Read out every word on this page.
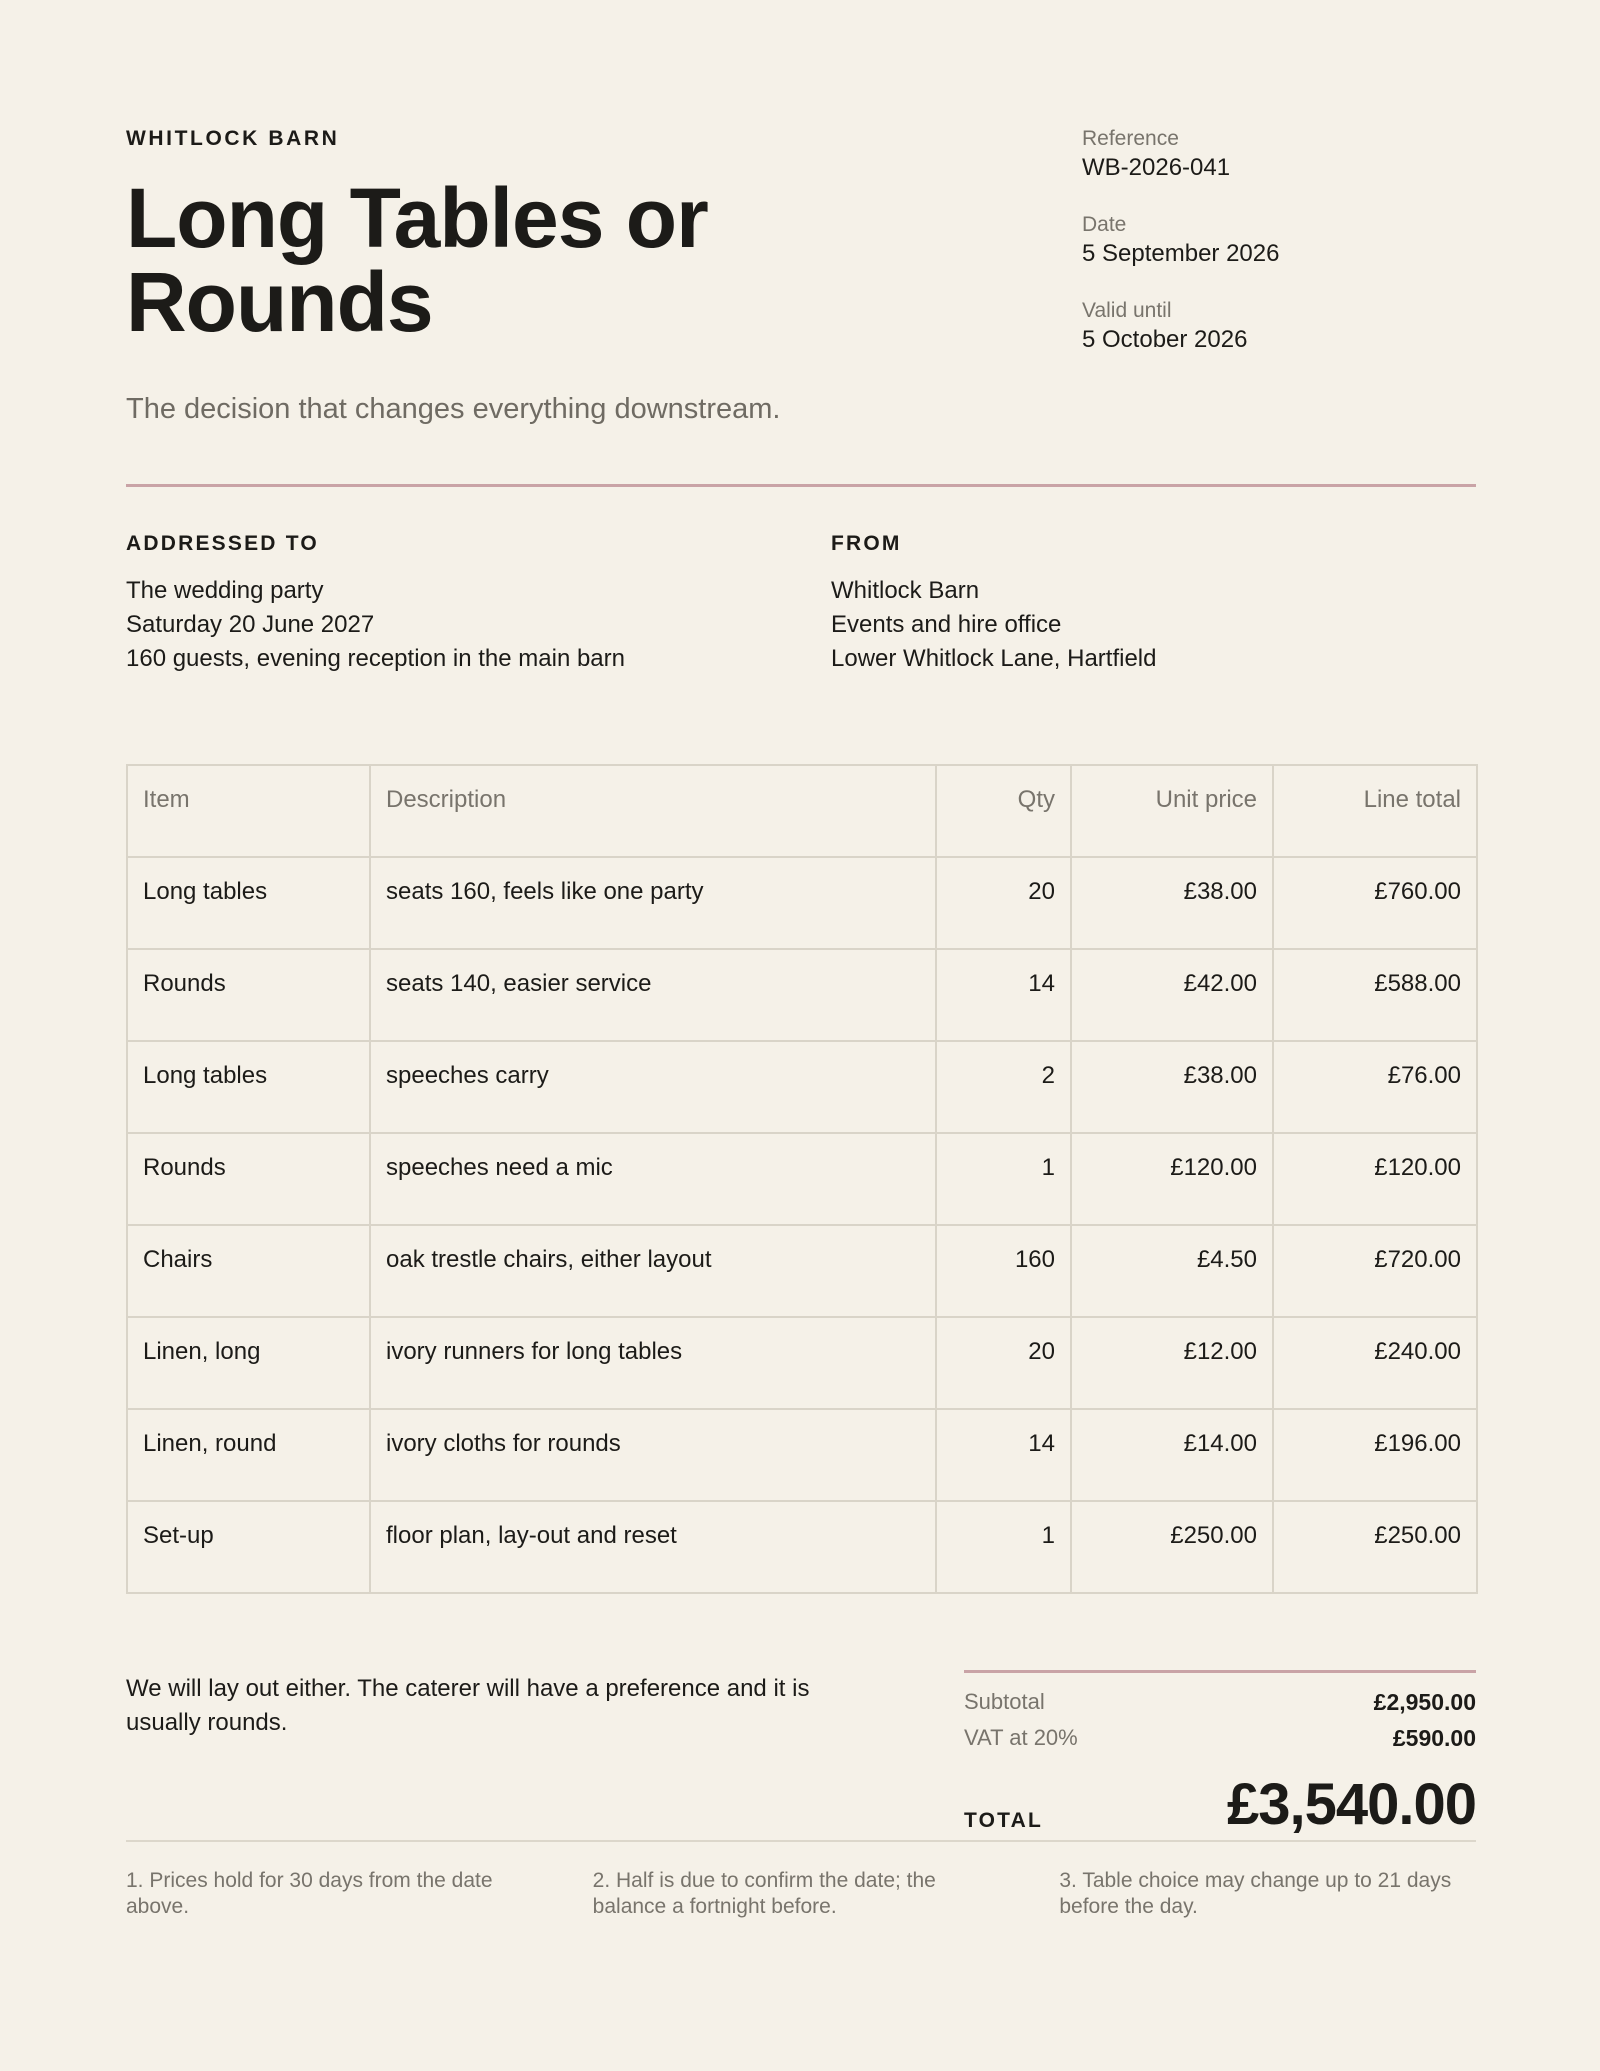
WHITLOCK BARN
Long Tables or Rounds
The decision that changes everything downstream.
Reference
WB-2026-041
Date
5 September 2026
Valid until
5 October 2026
ADDRESSED TO
The wedding party
Saturday 20 June 2027
160 guests, evening reception in the main barn
FROM
Whitlock Barn
Events and hire office
Lower Whitlock Lane, Hartfield
Item	Description	Qty	Unit price	Line total
Long tables	seats 160, feels like one party	20	£38.00	£760.00
Rounds	seats 140, easier service	14	£42.00	£588.00
Long tables	speeches carry	2	£38.00	£76.00
Rounds	speeches need a mic	1	£120.00	£120.00
Chairs	oak trestle chairs, either layout	160	£4.50	£720.00
Linen, long	ivory runners for long tables	20	£12.00	£240.00
Linen, round	ivory cloths for rounds	14	£14.00	£196.00
Set-up	floor plan, lay-out and reset	1	£250.00	£250.00
We will lay out either. The caterer will have a preference and it is usually rounds.
Subtotal	£2,950.00
VAT at 20%	£590.00
TOTAL	£3,540.00
1. Prices hold for 30 days from the date above.
2. Half is due to confirm the date; the balance a fortnight before.
3. Table choice may change up to 21 days before the day.
